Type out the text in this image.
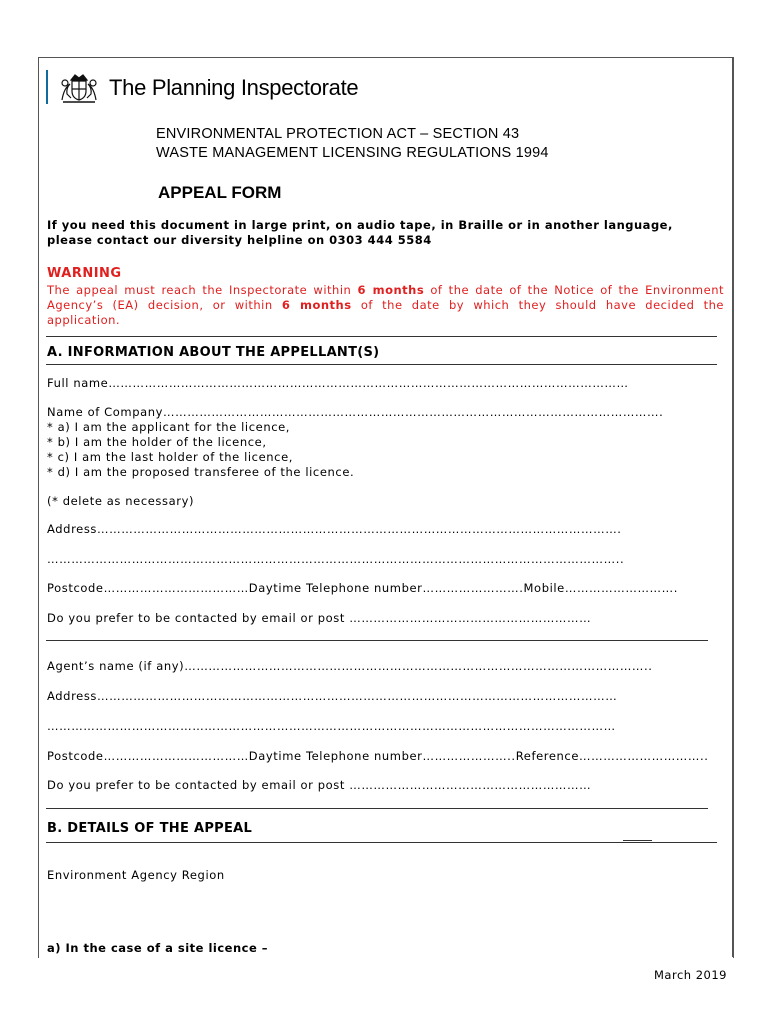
The Planning Inspectorate
ENVIRONMENTAL PROTECTION ACT – SECTION 43
WASTE MANAGEMENT LICENSING REGULATIONS 1994
APPEAL FORM
If you need this document in large print, on audio tape, in Braille or in another language,
please contact our diversity helpline on 0303 444 5584
WARNING
The appeal must reach the Inspectorate within 6 months of the date of the Notice of the Environment
Agency’s (EA) decision, or within 6 months of the date by which they should have decided the
application.
A. INFORMATION ABOUT THE APPELLANT(S)
Full name…………………………………………………………………………………………………………………
Name of Company…………………………………………………………………………………………………………….
* a) I am the applicant for the licence,
* b) I am the holder of the licence,
* c) I am the last holder of the licence,
* d) I am the proposed transferee of the licence.
(* delete as necessary)
Address………………………………………………………………………………………………………………….
……………………………………………………………………………………………………………………………..
Postcode………………………………Daytime Telephone number…………………….Mobile……………………….
Do you prefer to be contacted by email or post ……………………………………………………
Agent’s name (if any)……………………………………………………………………………………………………..
Address…………………………………………………………………………………………………………………
……………………………………………………………………………………………………………………………
Postcode………………………………Daytime Telephone number…………………..Reference…………………………..
Do you prefer to be contacted by email or post ……………………………………………………
B. DETAILS OF THE APPEAL
Environment Agency Region
a) In the case of a site licence –
March 2019
